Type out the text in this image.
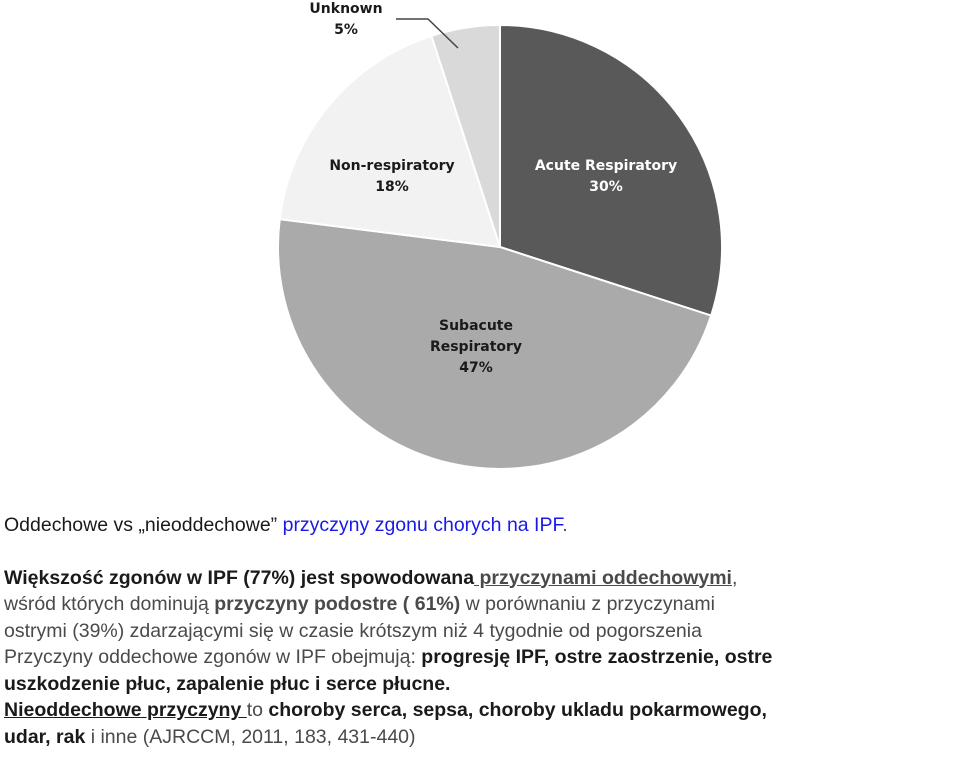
Acute Respiratory 30%
Subacute Respiratory 47%
Non-respiratory 18%
Unknown 5%
Oddechowe vs „nieoddechowe” przyczyny zgonu chorych na IPF.
Większość zgonów w IPF (77%) jest spowodowana przyczynami oddechowymi,
wśród których dominują przyczyny podostre ( 61%) w porównaniu z przyczynami
ostrymi (39%) zdarzającymi się w czasie krótszym niż 4 tygodnie od pogorszenia
Przyczyny oddechowe zgonów w IPF obejmują: progresję IPF, ostre zaostrzenie, ostre
uszkodzenie płuc, zapalenie płuc i serce płucne.
Nieoddechowe przyczyny to choroby serca, sepsa, choroby ukladu pokarmowego,
udar, rak i inne (AJRCCM, 2011, 183, 431-440)
